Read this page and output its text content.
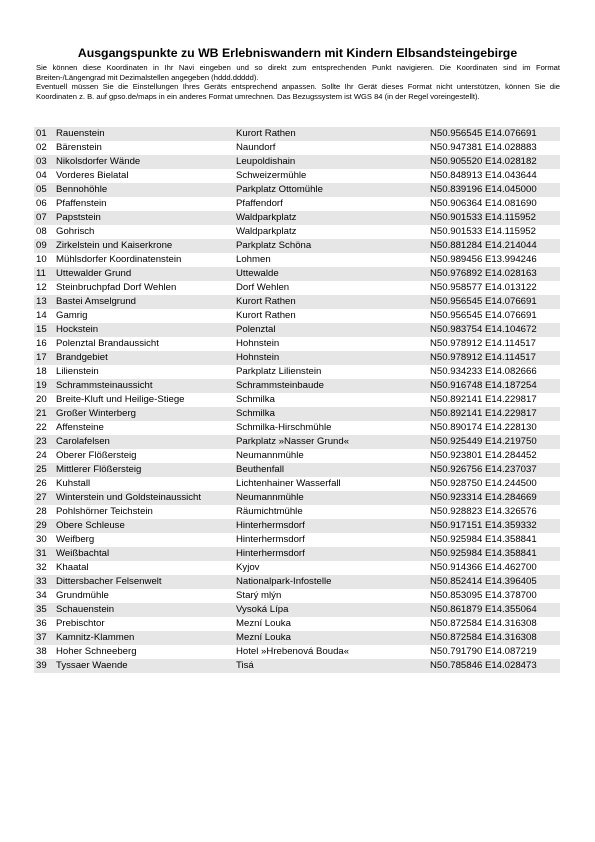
Ausgangspunkte zu WB Erlebniswandern mit Kindern Elbsandsteingebirge

Sie können diese Koordinaten in Ihr Navi eingeben und so direkt zum entsprechenden Punkt navigieren. Die Koordinaten sind im Format Breiten-/Längengrad mit Dezimalstellen angegeben (hddd.ddddd).

Eventuell müssen Sie die Einstellungen Ihres Geräts entsprechend anpassen. Sollte Ihr Gerät dieses Format nicht unterstützen, können Sie die Koordinaten z. B. auf gpso.de/maps in ein anderes Format umrechnen. Das Bezugssystem ist WGS 84 (in der Regel voreingestellt).

01	Rauenstein	Kurort Rathen	N50.956545 E14.076691
02	Bärenstein	Naundorf	N50.947381 E14.028883
03	Nikolsdorfer Wände	Leupoldishain	N50.905520 E14.028182
04	Vorderes Bielatal	Schweizermühle	N50.848913 E14.043644
05	Bennohöhle	Parkplatz Ottomühle	N50.839196 E14.045000
06	Pfaffenstein	Pfaffendorf	N50.906364 E14.081690
07	Papststein	Waldparkplatz	N50.901533 E14.115952
08	Gohrisch	Waldparkplatz	N50.901533 E14.115952
09	Zirkelstein und Kaiserkrone	Parkplatz Schöna	N50.881284 E14.214044
10	Mühlsdorfer Koordinatenstein	Lohmen	N50.989456 E13.994246
11	Uttewalder Grund	Uttewalde	N50.976892 E14.028163
12	Steinbruchpfad Dorf Wehlen	Dorf Wehlen	N50.958577 E14.013122
13	Bastei Amselgrund	Kurort Rathen	N50.956545 E14.076691
14	Gamrig	Kurort Rathen	N50.956545 E14.076691
15	Hockstein	Polenztal	N50.983754 E14.104672
16	Polenztal Brandaussicht	Hohnstein	N50.978912 E14.114517
17	Brandgebiet	Hohnstein	N50.978912 E14.114517
18	Lilienstein	Parkplatz Lilienstein	N50.934233 E14.082666
19	Schrammsteinaussicht	Schrammsteinbaude	N50.916748 E14.187254
20	Breite-Kluft und Heilige-Stiege	Schmilka	N50.892141 E14.229817
21	Großer Winterberg	Schmilka	N50.892141 E14.229817
22	Affensteine	Schmilka-Hirschmühle	N50.890174 E14.228130
23	Carolafelsen	Parkplatz »Nasser Grund«	N50.925449 E14.219750
24	Oberer Flößersteig	Neumannmühle	N50.923801 E14.284452
25	Mittlerer Flößersteig	Beuthenfall	N50.926756 E14.237037
26	Kuhstall	Lichtenhainer Wasserfall	N50.928750 E14.244500
27	Winterstein und Goldsteinaussicht	Neumannmühle	N50.923314 E14.284669
28	Pohlshörner Teichstein	Räumichtmühle	N50.928823 E14.326576
29	Obere Schleuse	Hinterhermsdorf	N50.917151 E14.359332
30	Weifberg	Hinterhermsdorf	N50.925984 E14.358841
31	Weißbachtal	Hinterhermsdorf	N50.925984 E14.358841
32	Khaatal	Kyjov	N50.914366 E14.462700
33	Dittersbacher Felsenwelt	Nationalpark-Infostelle	N50.852414 E14.396405
34	Grundmühle	Starý mlýn	N50.853095 E14.378700
35	Schauenstein	Vysoká Lípa	N50.861879 E14.355064
36	Prebischtor	Mezní Louka	N50.872584 E14.316308
37	Kamnitz-Klammen	Mezní Louka	N50.872584 E14.316308
38	Hoher Schneeberg	Hotel »Hrebenová Bouda«	N50.791790 E14.087219
39	Tyssaer Waende	Tisá	N50.785846 E14.028473
